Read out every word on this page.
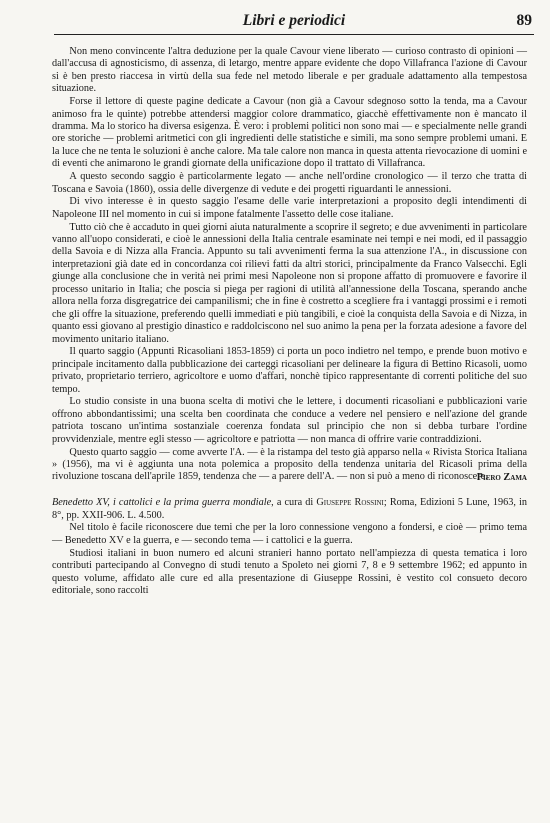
Libri e periodici	89

Non meno convincente l'altra deduzione per la quale Cavour viene liberato — curioso contrasto di opinioni — dall'accusa di agnosticismo, di assenza, di letargo, mentre appare evidente che dopo Villafranca l'azione di Cavour si è ben presto riaccesa in virtù della sua fede nel metodo liberale e per graduale adattamento alla tempestosa situazione.

Forse il lettore di queste pagine dedicate a Cavour (non già a Cavour sdegnoso sotto la tenda, ma a Cavour animoso fra le quinte) potrebbe attendersi maggior colore drammatico, giacchè effettivamente non è mancato il dramma. Ma lo storico ha diversa esigenza. È vero: i problemi politici non sono mai — e specialmente nelle grandi ore storiche — problemi aritmetici con gli ingredienti delle statistiche e simili, ma sono sempre problemi umani. E la luce che ne tenta le soluzioni è anche calore. Ma tale calore non manca in questa attenta rievocazione di uomini e di eventi che animarono le grandi giornate della unificazione dopo il trattato di Villafranca.

A questo secondo saggio è particolarmente legato — anche nell'ordine cronologico — il terzo che tratta di Toscana e Savoia (1860), ossia delle divergenze di vedute e dei progetti riguardanti le annessioni.

Di vivo interesse è in questo saggio l'esame delle varie interpretazioni a proposito degli intendimenti di Napoleone III nel momento in cui si impone fatalmente l'assetto delle cose italiane.

Tutto ciò che è accaduto in quei giorni aiuta naturalmente a scoprire il segreto; e due avvenimenti in particolare vanno all'uopo considerati, e cioè le annessioni della Italia centrale esaminate nei tempi e nei modi, ed il passaggio della Savoia e di Nizza alla Francia. Appunto su tali avvenimenti ferma la sua attenzione l'A., in discussione con interpretazioni già date ed in concordanza coi rilievi fatti da altri storici, principalmente da Franco Valsecchi. Egli giunge alla conclusione che in verità nei primi mesi Napoleone non si propone affatto di promuovere e favorire il processo unitario in Italia; che poscia si piega per ragioni di utilità all'annessione della Toscana, sperando anche allora nella forza disgregatrice dei campanilismi; che in fine è costretto a scegliere fra i vantaggi prossimi e i remoti che gli offre la situazione, preferendo quelli immediati e più tangibili, e cioè la conquista della Savoia e di Nizza, in quanto essi giovano al prestigio dinastico e raddolciscono nel suo animo la pena per la forzata adesione a favore del movimento unitario italiano.

Il quarto saggio (Appunti Ricasoliani 1853-1859) ci porta un poco indietro nel tempo, e prende buon motivo e principale incitamento dalla pubblicazione dei carteggi ricasoliani per delineare la figura di Bettino Ricasoli, uomo privato, proprietario terriero, agricoltore e uomo d'affari, nonchè tipico rappresentante di correnti politiche del suo tempo.

Lo studio consiste in una buona scelta di motivi che le lettere, i documenti ricasoliani e pubblicazioni varie offrono abbondantissimi; una scelta ben coordinata che conduce a vedere nel pensiero e nell'azione del grande patriota toscano un'intima sostanziale coerenza fondata sul principio che non si debba turbare l'ordine provvidenziale, mentre egli stesso — agricoltore e patriotta — non manca di offrire varie contraddizioni.

Questo quarto saggio — come avverte l'A. — è la ristampa del testo già apparso nella « Rivista Storica Italiana » (1956), ma vi è aggiunta una nota polemica a proposito della tendenza unitaria del Ricasoli prima della rivoluzione toscana dell'aprile 1859, tendenza che — a parere dell'A. — non si può a meno di riconoscere.

Piero Zama

Benedetto XV, i cattolici e la prima guerra mondiale, a cura di Giuseppe Rossini; Roma, Edizioni 5 Lune, 1963, in 8°, pp. XXII-906. L. 4.500.

Nel titolo è facile riconoscere due temi che per la loro connessione vengono a fondersi, e cioè — primo tema — Benedetto XV e la guerra, e — secondo tema — i cattolici e la guerra.

Studiosi italiani in buon numero ed alcuni stranieri hanno portato nell'ampiezza di questa tematica i loro contributi partecipando al Convegno di studi tenuto a Spoleto nei giorni 7, 8 e 9 settembre 1962; ed appunto in questo volume, affidato alle cure ed alla presentazione di Giuseppe Rossini, è vestito col consueto decoro editoriale, sono raccolti
